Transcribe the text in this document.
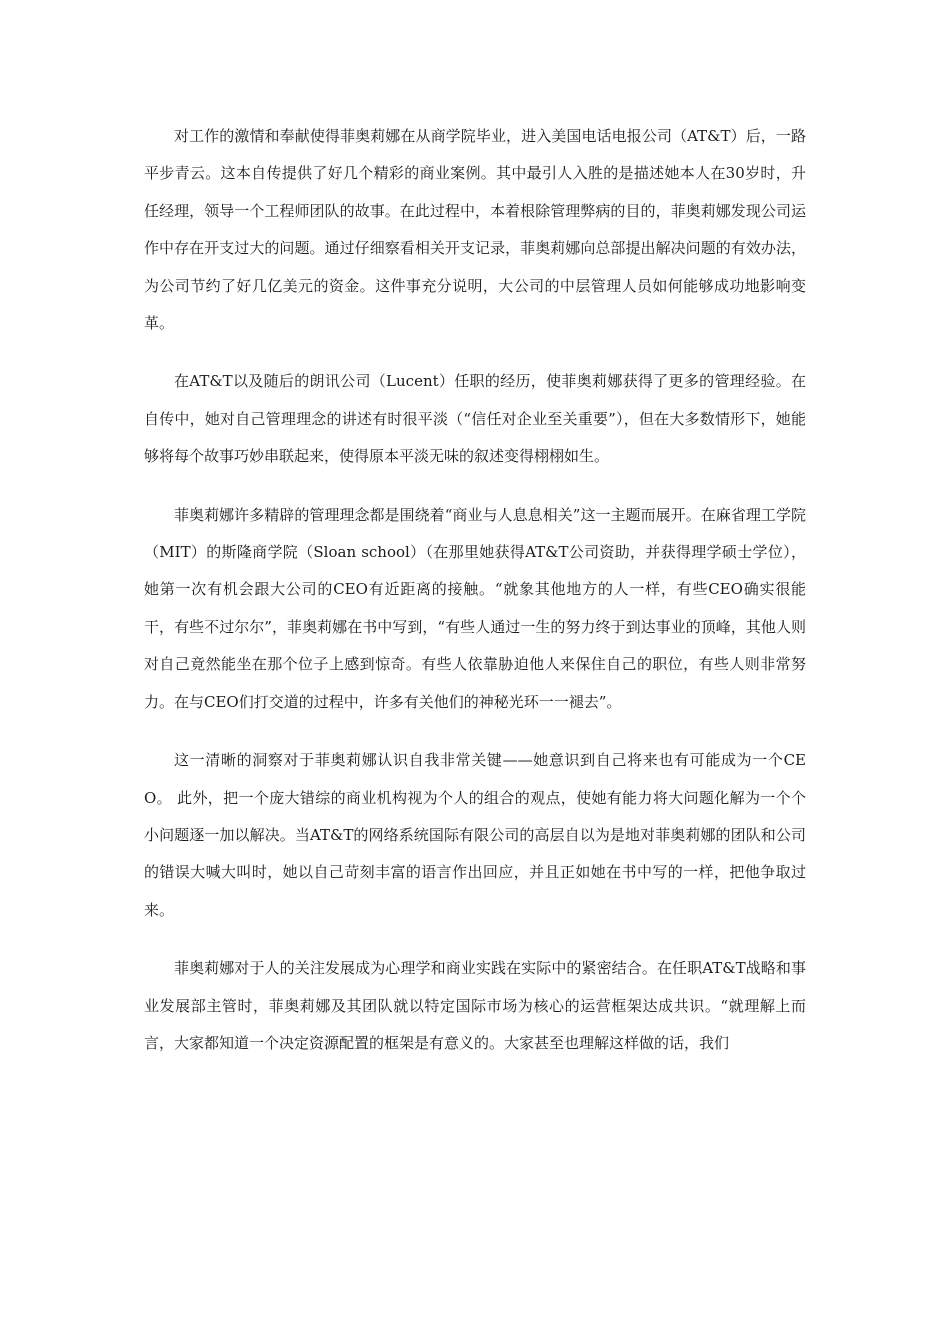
对工作的激情和奉献使得菲奥莉娜在从商学院毕业，进入美国电话电报公司（AT&T）后，一路平步青云。这本自传提供了好几个精彩的商业案例。其中最引人入胜的是描述她本人在30岁时，升任经理，领导一个工程师团队的故事。在此过程中，本着根除管理弊病的目的，菲奥莉娜发现公司运作中存在开支过大的问题。通过仔细察看相关开支记录，菲奥莉娜向总部提出解决问题的有效办法，为公司节约了好几亿美元的资金。这件事充分说明，大公司的中层管理人员如何能够成功地影响变革。

在AT&T以及随后的朗讯公司（Lucent）任职的经历，使菲奥莉娜获得了更多的管理经验。在自传中，她对自己管理理念的讲述有时很平淡（“信任对企业至关重要”），但在大多数情形下，她能够将每个故事巧妙串联起来，使得原本平淡无味的叙述变得栩栩如生。

菲奥莉娜许多精辟的管理理念都是围绕着“商业与人息息相关”这一主题而展开。在麻省理工学院（MIT）的斯隆商学院（Sloan school）（在那里她获得AT&T公司资助，并获得理学硕士学位），她第一次有机会跟大公司的CEO有近距离的接触。“就象其他地方的人一样，有些CEO确实很能干，有些不过尔尔”，菲奥莉娜在书中写到，“有些人通过一生的努力终于到达事业的顶峰，其他人则对自己竟然能坐在那个位子上感到惊奇。有些人依靠胁迫他人来保住自己的职位，有些人则非常努力。在与CEO们打交道的过程中，许多有关他们的神秘光环一一褪去”。

这一清晰的洞察对于菲奥莉娜认识自我非常关键——她意识到自己将来也有可能成为一个CEO。 此外，把一个庞大错综的商业机构视为个人的组合的观点，使她有能力将大问题化解为一个个小问题逐一加以解决。当AT&T的网络系统国际有限公司的高层自以为是地对菲奥莉娜的团队和公司的错误大喊大叫时，她以自己苛刻丰富的语言作出回应，并且正如她在书中写的一样，把他争取过来。

菲奥莉娜对于人的关注发展成为心理学和商业实践在实际中的紧密结合。在任职AT&T战略和事业发展部主管时，菲奥莉娜及其团队就以特定国际市场为核心的运营框架达成共识。“就理解上而言，大家都知道一个决定资源配置的框架是有意义的。大家甚至也理解这样做的话，我们
